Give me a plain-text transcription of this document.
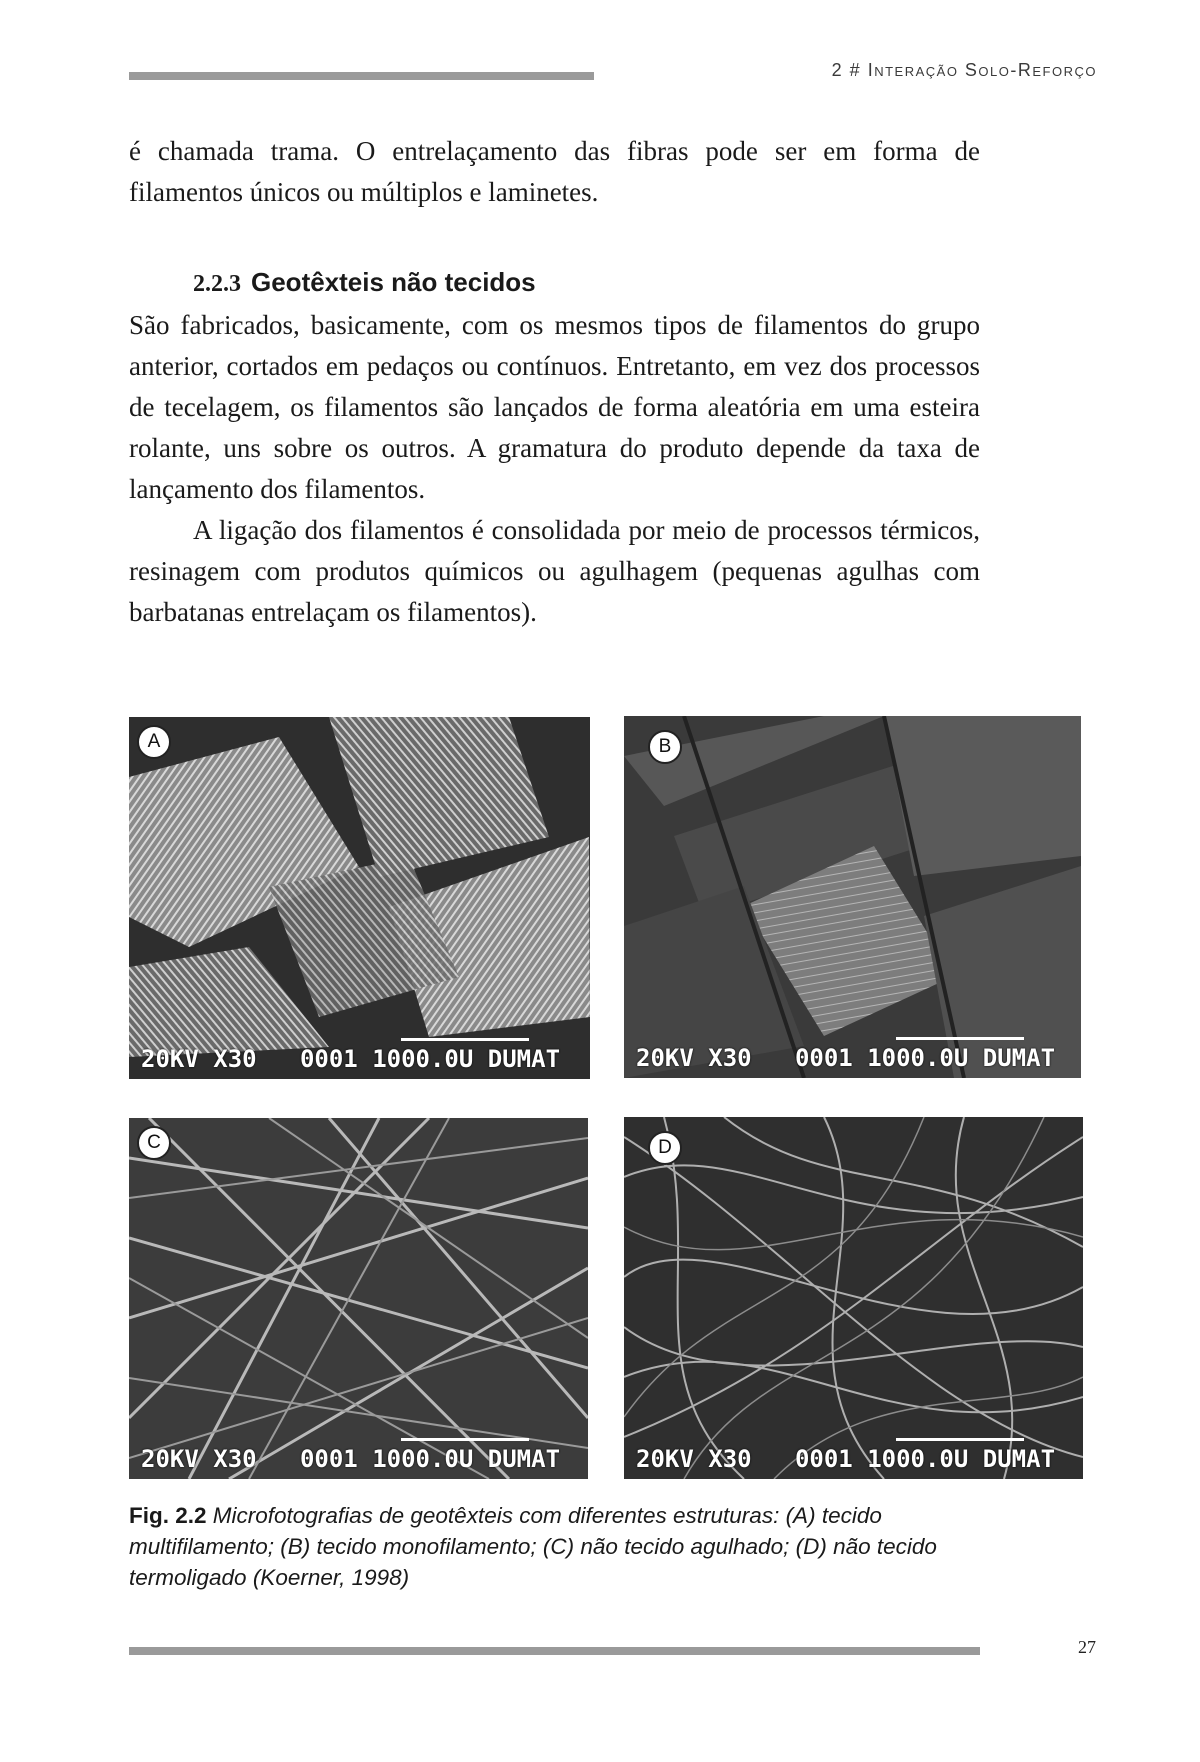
2 # Interação Solo-Reforço

é chamada trama. O entrelaçamento das fibras pode ser em forma de filamentos únicos ou múltiplos e laminetes.

2.2.3 Geotêxteis não tecidos

São fabricados, basicamente, com os mesmos tipos de filamentos do grupo anterior, cortados em pedaços ou contínuos. Entretanto, em vez dos processos de tecelagem, os filamentos são lançados de forma aleatória em uma esteira rolante, uns sobre os outros. A gramatura do produto depende da taxa de lançamento dos filamentos.

A ligação dos filamentos é consolidada por meio de processos térmicos, resinagem com produtos químicos ou agulhagem (pequenas agulhas com barbatanas entrelaçam os filamentos).

A
20KV X30   0001 1000.0U DUMAT
B
20KV X30   0001 1000.0U DUMAT
C
20KV X30   0001 1000.0U DUMAT
D
20KV X30   0001 1000.0U DUMAT
Fig. 2.2 Microfotografias de geotêxteis com diferentes estruturas: (A) tecido multifilamento; (B) tecido monofilamento; (C) não tecido agulhado; (D) não tecido termoligado (Koerner, 1998)
27
